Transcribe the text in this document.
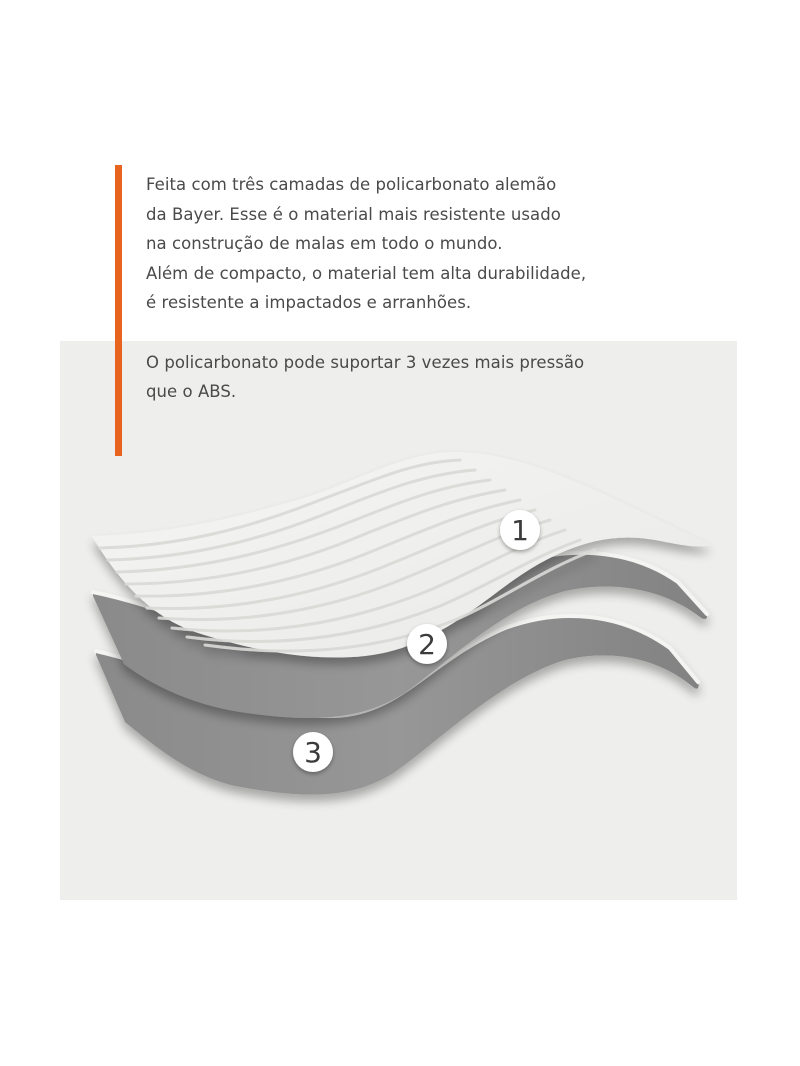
Feita com três camadas de policarbonato alemão
da Bayer. Esse é o material mais resistente usado
na construção de malas em todo o mundo.
Além de compacto, o material tem alta durabilidade,
é resistente a impactados e arranhões.

O policarbonato pode suportar 3 vezes mais pressão
que o ABS.

1
2
3
